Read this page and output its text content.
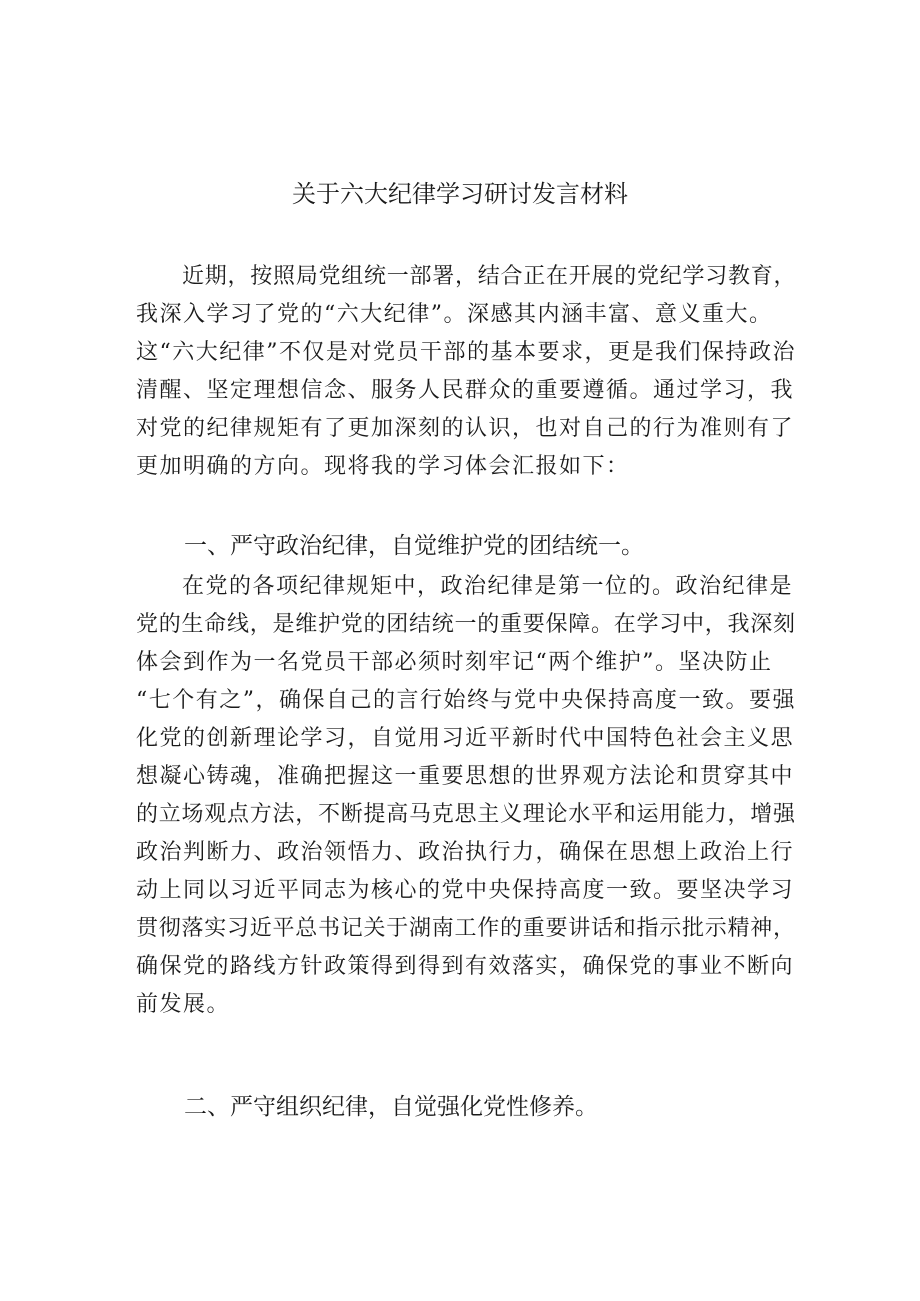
关于六大纪律学习研讨发言材料
近期，按照局党组统一部署，结合正在开展的党纪学习教育，
我深入学习了党的“六大纪律”。深感其内涵丰富、意义重大。
这“六大纪律”不仅是对党员干部的基本要求，更是我们保持政治
清醒、坚定理想信念、服务人民群众的重要遵循。通过学习，我
对党的纪律规矩有了更加深刻的认识，也对自己的行为准则有了
更加明确的方向。现将我的学习体会汇报如下：
一、严守政治纪律，自觉维护党的团结统一。
在党的各项纪律规矩中，政治纪律是第一位的。政治纪律是
党的生命线，是维护党的团结统一的重要保障。在学习中，我深刻
体会到作为一名党员干部必须时刻牢记“两个维护”。坚决防止
“七个有之”，确保自己的言行始终与党中央保持高度一致。要强
化党的创新理论学习，自觉用习近平新时代中国特色社会主义思
想凝心铸魂，准确把握这一重要思想的世界观方法论和贯穿其中
的立场观点方法，不断提高马克思主义理论水平和运用能力，增强
政治判断力、政治领悟力、政治执行力，确保在思想上政治上行
动上同以习近平同志为核心的党中央保持高度一致。要坚决学习
贯彻落实习近平总书记关于湖南工作的重要讲话和指示批示精神，
确保党的路线方针政策得到得到有效落实，确保党的事业不断向
前发展。
二、严守组织纪律，自觉强化党性修养。
